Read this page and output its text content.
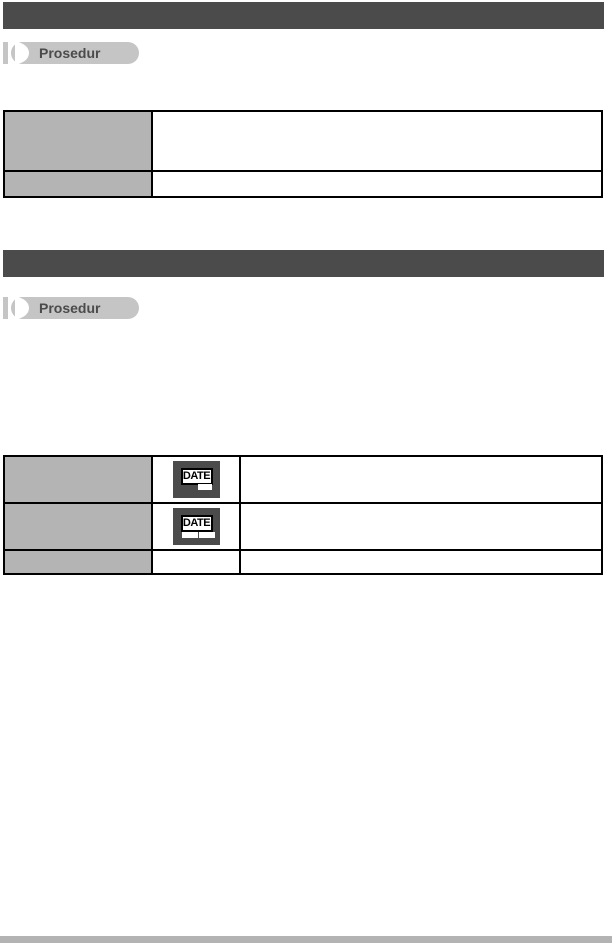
Prosedur

Prosedur

	DATE	

	DATE	
